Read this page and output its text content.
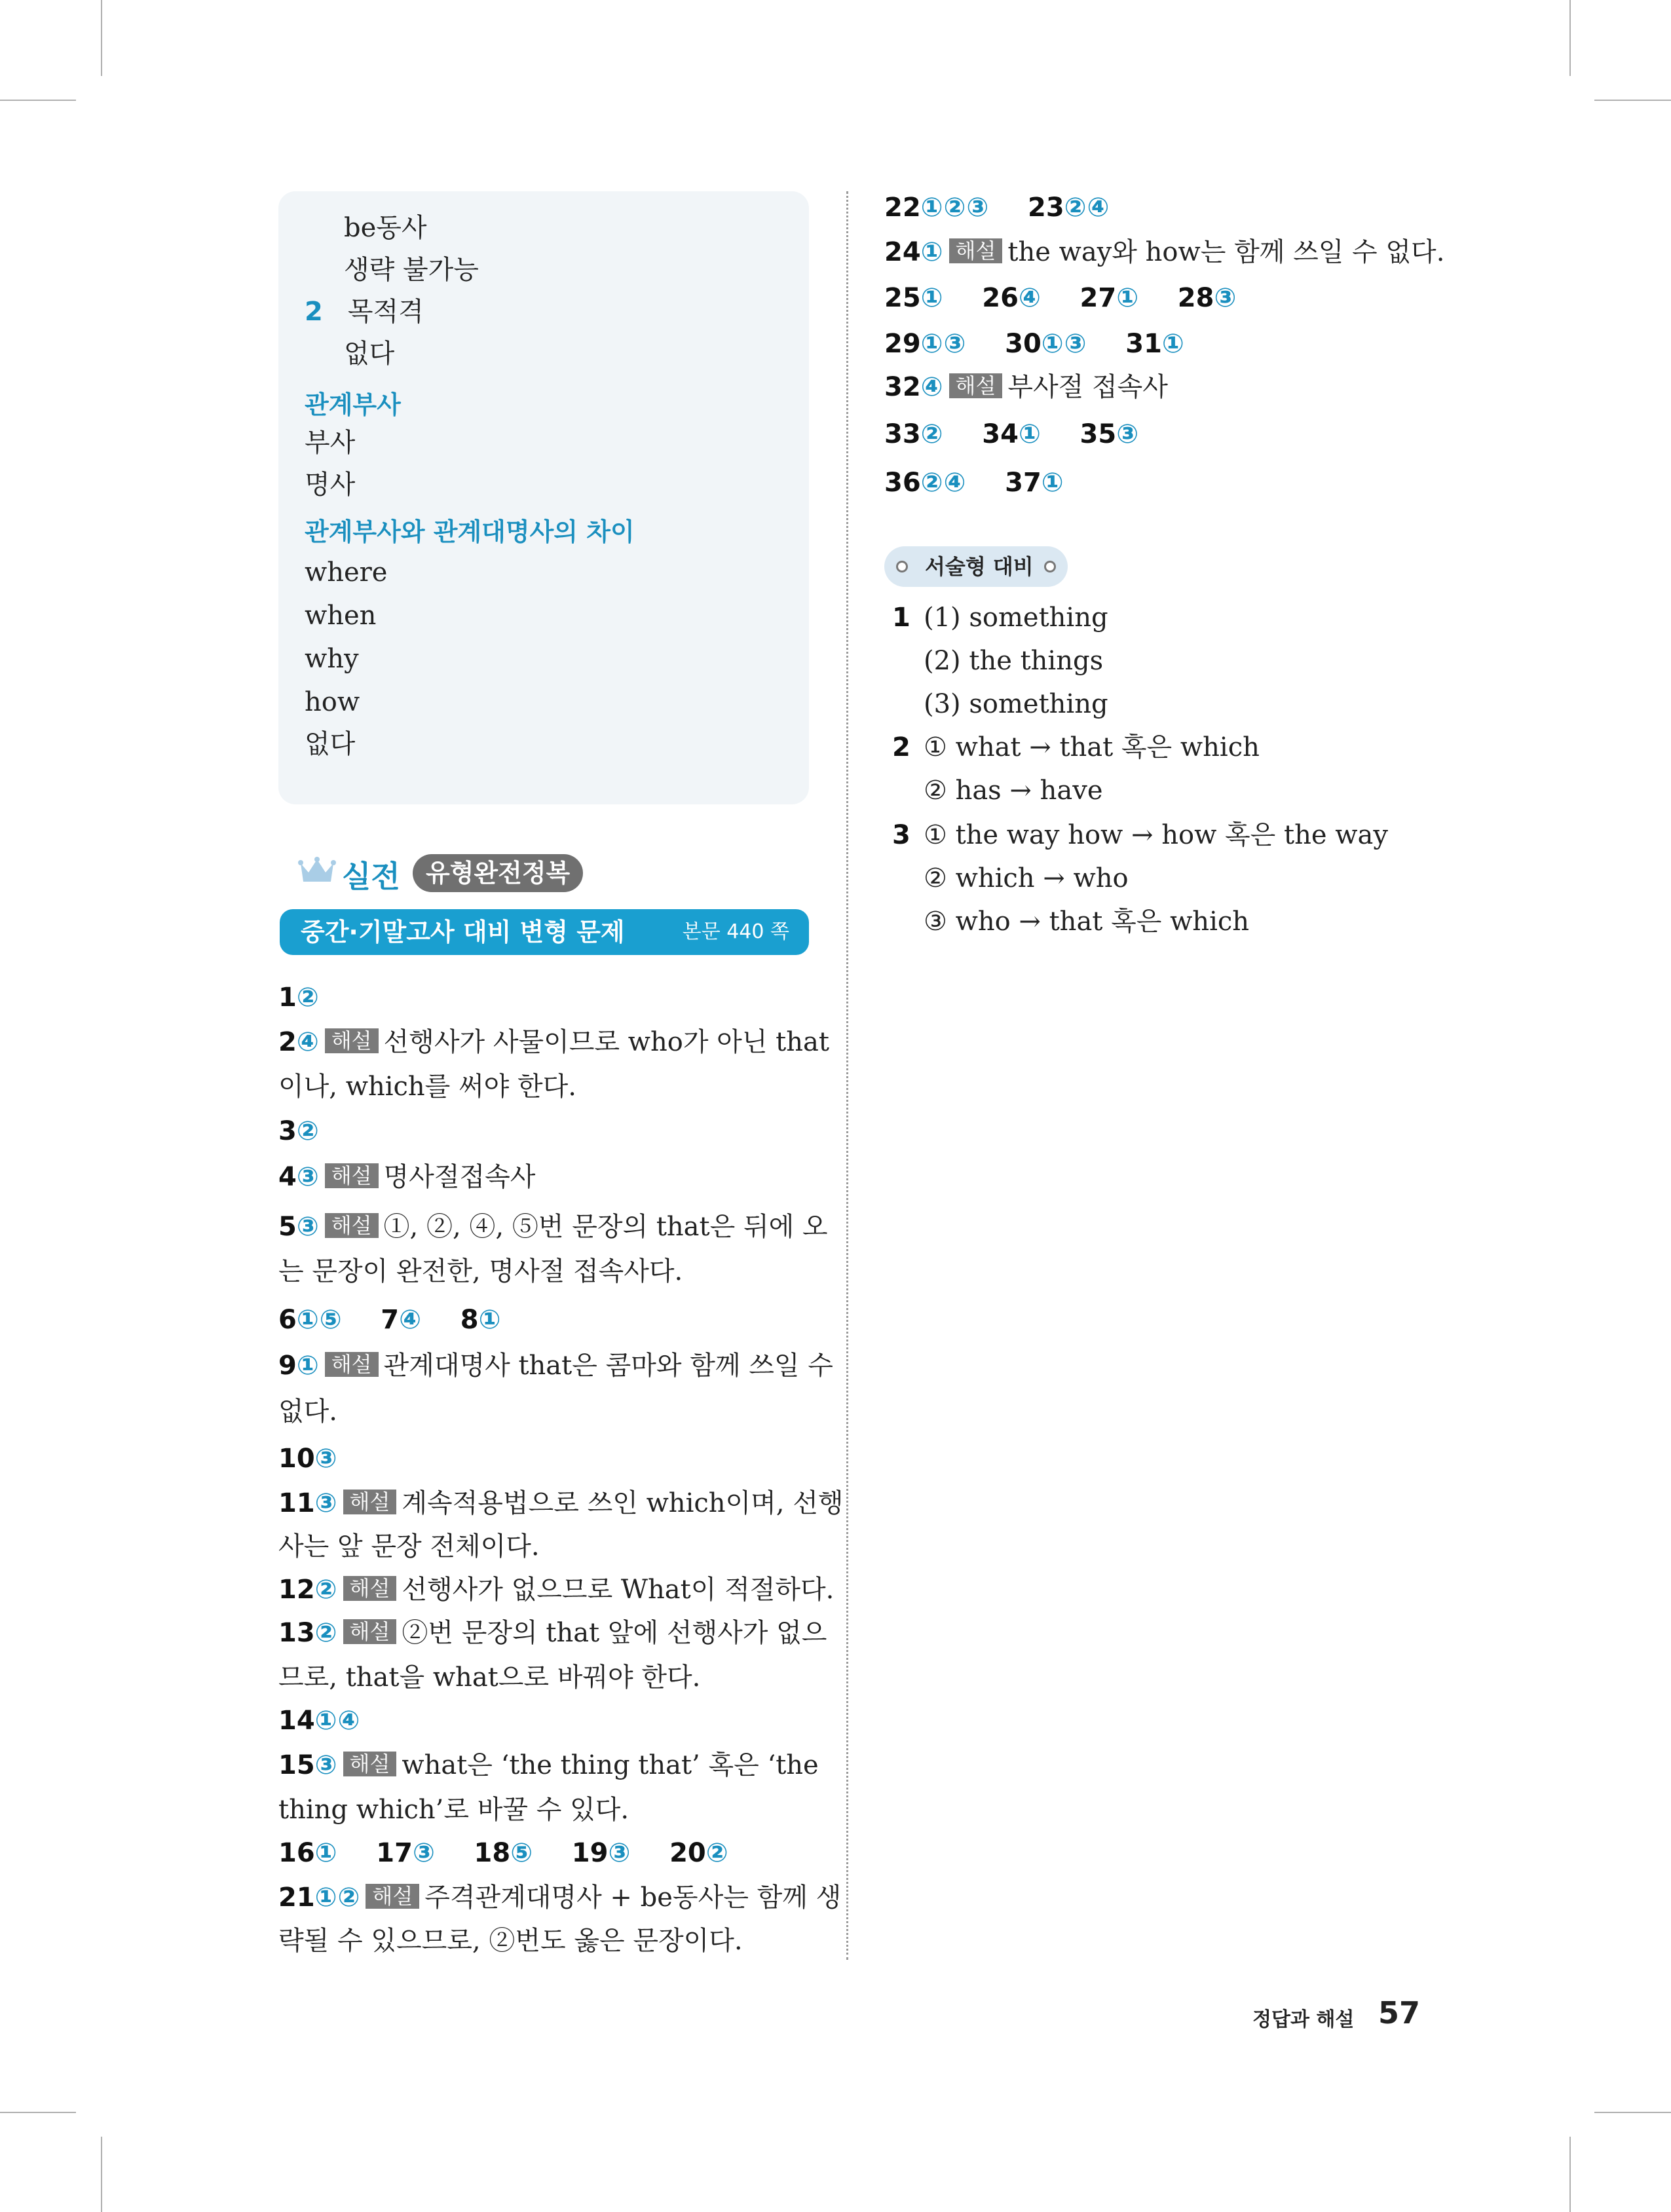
be동사
생략 불가능
2 목적격
없다
관계부사
부사
명사
관계부사와 관계대명사의 차이
where
when
why
how
없다
실전	유형완전정복
중간·기말고사 대비 변형 문제	본문 440 쪽
1②
2④ 해설 선행사가 사물이므로 who가 아닌 that
이나, which를 써야 한다.
3②
4③ 해설 명사절접속사
5③ 해설 ①, ②, ④, ⑤번 문장의 that은 뒤에 오
는 문장이 완전한, 명사절 접속사다.
6①⑤ 7④ 8①
9① 해설 관계대명사 that은 콤마와 함께 쓰일 수
없다.
10③
11③ 해설 계속적용법으로 쓰인 which이며, 선행
사는 앞 문장 전체이다.
12② 해설 선행사가 없으므로 What이 적절하다.
13② 해설 ②번 문장의 that 앞에 선행사가 없으
므로, that을 what으로 바꿔야 한다.
14①④
15③ 해설 what은 ‘the thing that’ 혹은 ‘the
thing which’로 바꿀 수 있다.
16① 17③ 18⑤ 19③ 20②
21①② 해설 주격관계대명사 + be동사는 함께 생
략될 수 있으므로, ②번도 옳은 문장이다.
22①②③ 23②④
24① 해설 the way와 how는 함께 쓰일 수 없다.
25① 26④ 27① 28③
29①③ 30①③ 31①
32④ 해설 부사절 접속사
33② 34① 35③
36②④ 37①
서술형 대비
1 (1) something
(2) the things
(3) something
2 ① what → that 혹은 which
② has → have
3 ① the way how → how 혹은 the way
② which → who
③ who → that 혹은 which
정답과 해설 57
